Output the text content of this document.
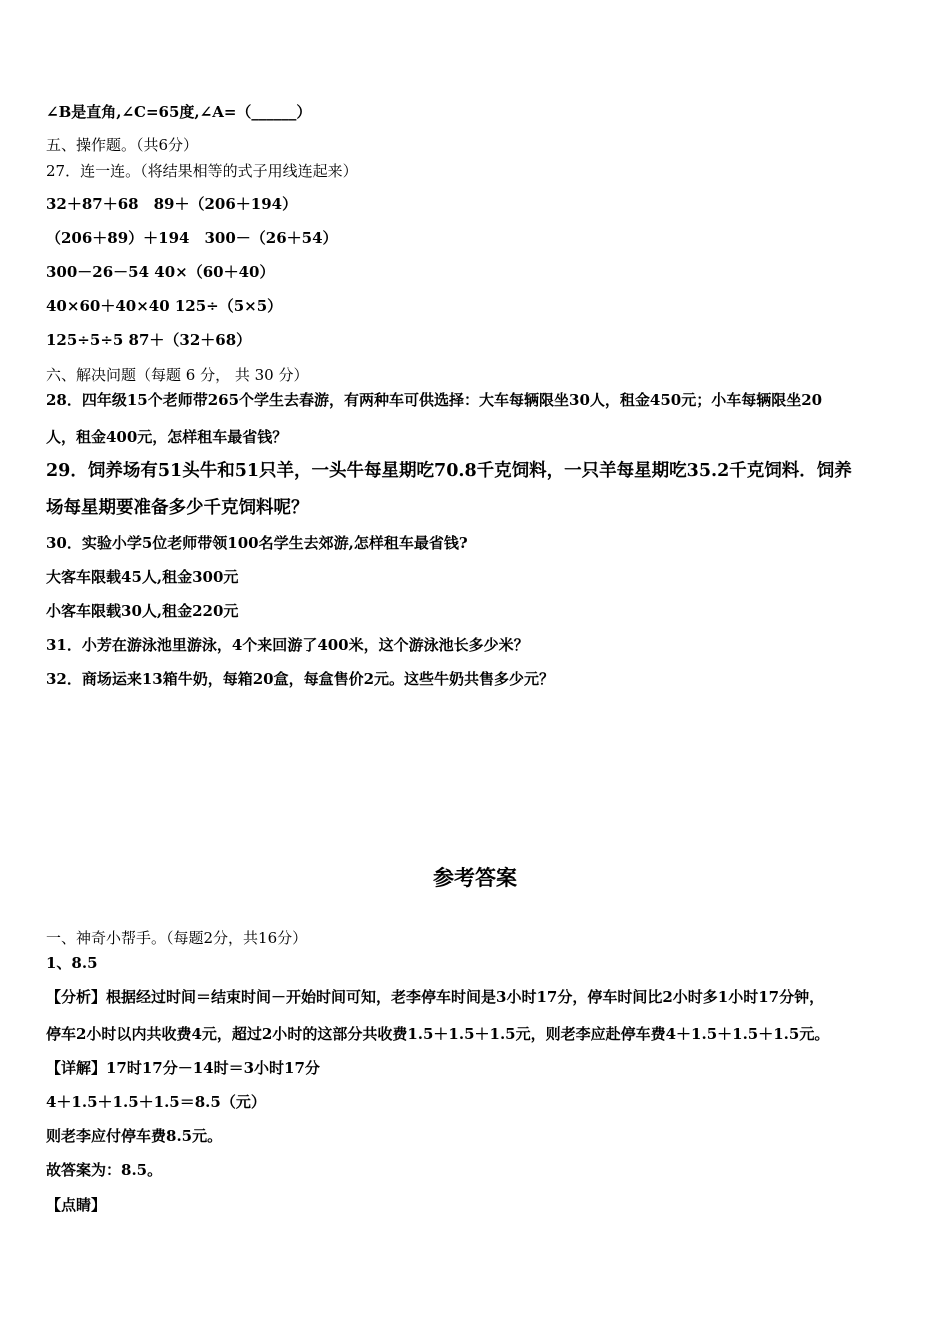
∠B是直角,∠C=65度,∠A=（______）
五、操作题。（共6分）
27．连一连。（将结果相等的式子用线连起来）
32＋87＋68　89＋（206＋194）
（206＋89）＋194　300－（26＋54）
300－26－54 40×（60＋40）
40×60＋40×40 125÷（5×5）
125÷5÷5 87＋（32＋68）
六、解决问题（每题 6 分， 共 30 分）
28．四年级15个老师带265个学生去春游，有两种车可供选择：大车每辆限坐30人，租金450元；小车每辆限坐20
人，租金400元，怎样租车最省钱？
29．饲养场有51头牛和51只羊，一头牛每星期吃70.8千克饲料，一只羊每星期吃35.2千克饲料．饲养
场每星期要准备多少千克饲料呢？
30．实验小学5位老师带领100名学生去郊游,怎样租车最省钱?
大客车限载45人,租金300元
小客车限载30人,租金220元
31．小芳在游泳池里游泳，4个来回游了400米，这个游泳池长多少米？
32．商场运来13箱牛奶，每箱20盒，每盒售价2元。这些牛奶共售多少元？
参考答案
一、神奇小帮手。（每题2分，共16分）
1、8.5
【分析】根据经过时间＝结束时间－开始时间可知，老李停车时间是3小时17分，停车时间比2小时多1小时17分钟，
停车2小时以内共收费4元，超过2小时的这部分共收费1.5＋1.5＋1.5元，则老李应赴停车费4＋1.5＋1.5＋1.5元。
【详解】17时17分－14时＝3小时17分
4＋1.5＋1.5＋1.5＝8.5（元）
则老李应付停车费8.5元。
故答案为：8.5。
【点睛】
